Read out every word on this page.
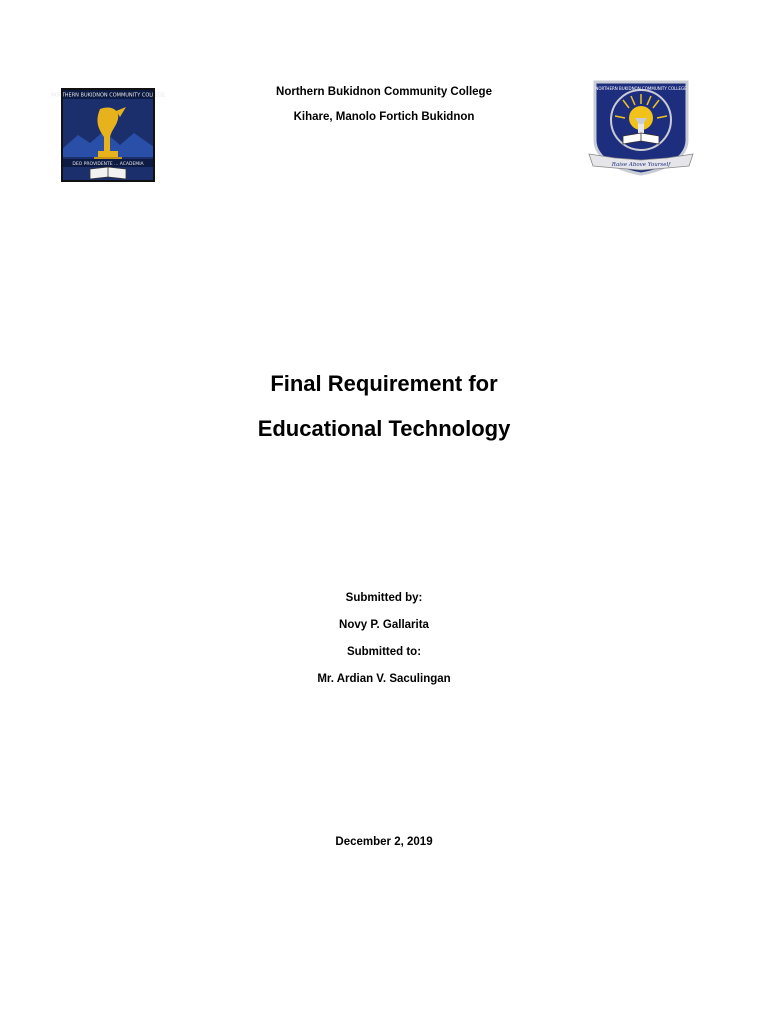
NORTHERN BUKIDNON COMMUNITY COLLEGE
DEO PROVIDENTE ... ACADEMIA
NORTHERN BUKIDNON COMMUNITY COLLEGE
Raise Above Yourself
Northern Bukidnon Community College
Kihare, Manolo Fortich Bukidnon
Final Requirement for
Educational Technology
Submitted by:
Novy P. Gallarita
Submitted to:
Mr. Ardian V. Saculingan
December 2, 2019
